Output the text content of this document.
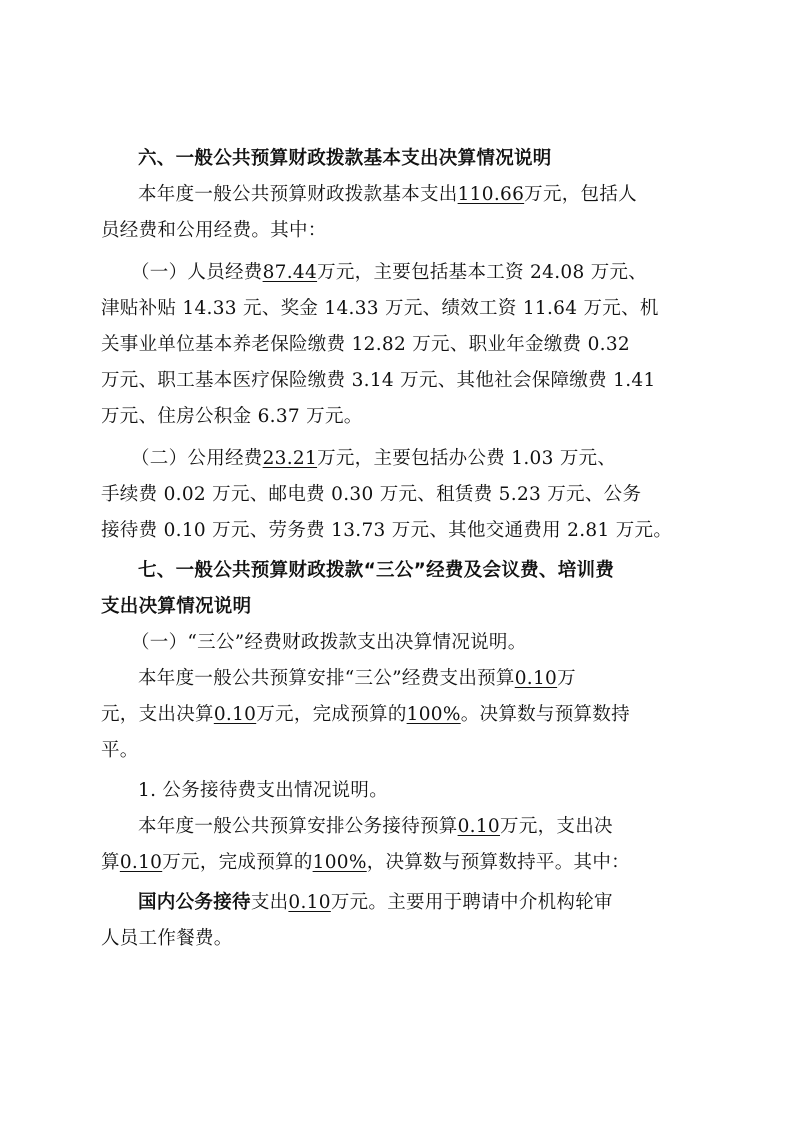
六、一般公共预算财政拨款基本支出决算情况说明
本年度一般公共预算财政拨款基本支出110.66万元，包括人
员经费和公用经费。其中：
（一）人员经费87.44万元，主要包括基本工资 24.08 万元、
津贴补贴 14.33 元、奖金 14.33 万元、绩效工资 11.64 万元、机
关事业单位基本养老保险缴费 12.82 万元、职业年金缴费 0.32
万元、职工基本医疗保险缴费 3.14 万元、其他社会保障缴费 1.41
万元、住房公积金 6.37 万元。
（二）公用经费23.21万元，主要包括办公费 1.03 万元、
手续费 0.02 万元、邮电费 0.30 万元、租赁费 5.23 万元、公务
接待费 0.10 万元、劳务费 13.73 万元、其他交通费用 2.81 万元。
七、一般公共预算财政拨款“三公”经费及会议费、培训费
支出决算情况说明
（一）“三公”经费财政拨款支出决算情况说明。
本年度一般公共预算安排“三公”经费支出预算0.10万
元，支出决算0.10万元，完成预算的100%。决算数与预算数持
平。
1. 公务接待费支出情况说明。
本年度一般公共预算安排公务接待预算0.10万元，支出决
算0.10万元，完成预算的100%，决算数与预算数持平。其中：
国内公务接待支出0.10万元。主要用于聘请中介机构轮审
人员工作餐费。
